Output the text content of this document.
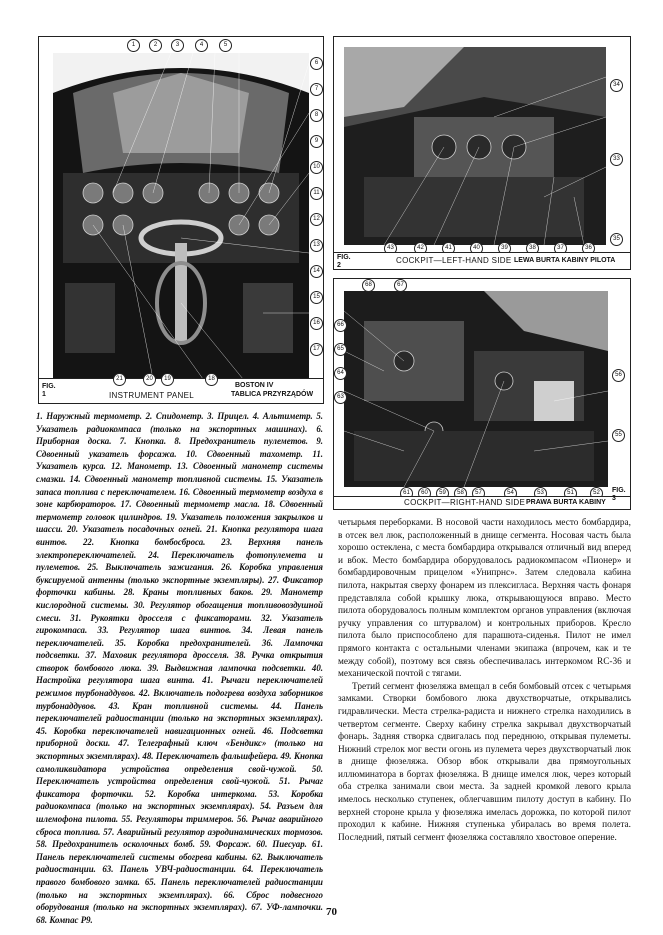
1	2	3	4	5
6
7
8
9
10
11
12
13
14
15
16
17
FIG. 1
21	20	19	18
INSTRUMENT PANEL
BOSTON IV
TABLICA PRZYRZĄDÓW
34
33
35
43	42	41	40	39	38	37	36
FIG. 2
COCKPIT—LEFT-HAND SIDE LEWA BURTA KABINY PILOTA
68	67
66
65
64
63
56
55
61	60	59	58	57	54	53	51	52	FIG. 3
COCKPIT—RIGHT-HAND SIDE PRAWA BURTA KABINY
1. Наружный термометр. 2. Спидометр. 3. Прицел. 4. Альтиметр. 5. Указатель радиокомпаса (только на экспортных машинах). 6. Приборная доска. 7. Кнопка. 8. Предохранитель пулеметов. 9. Сдвоенный указатель форсажа. 10. Сдвоенный тахометр. 11. Указатель курса. 12. Манометр. 13. Сдвоенный манометр системы смазки. 14. Сдвоенный манометр топливной системы. 15. Указатель запаса топлива с переключателем. 16. Сдвоенный термометр воздуха в зоне карбюраторов. 17. Сдвоенный термометр масла. 18. Сдвоенный термометр головок цилиндров. 19. Указатель положения закрылков и шасси. 20. Указатель посадочных огней. 21. Кнопка регулятора шага винтов. 22. Кнопка бомбосброса. 23. Верхняя панель электропереключателей. 24. Переключатель фотопулемета и пулеметов. 25. Выключатель зажигания. 26. Коробка управления буксируемой антенны (только экспортные экземпляры). 27. Фиксатор форточки кабины. 28. Краны топливных баков. 29. Манометр кислородной системы. 30. Регулятор обогащения топливовоздушной смеси. 31. Рукоятки дросселя с фиксаторами. 32. Указатель гирокомпаса. 33. Регулятор шага винтов. 34. Левая панель переключателей. 35. Коробка предохранителей. 36. Лампочка подсветки. 37. Маховик регулятора дросселя. 38. Ручка открытия створок бомбового люка. 39. Выдвижная лампочка подсветки. 40. Настройка регулятора шага винта. 41. Рычаги переключателей режимов турбонаддувов. 42. Включатель подогрева воздуха заборников турбонаддувов. 43. Кран топливной системы. 44. Панель переключателей радиостанции (только на экспортных экземплярах). 45. Коробка переключателей навигационных огней. 46. Подсветка приборной доски. 47. Телеграфный ключ «Бендикс» (только на экспортных экземплярах). 48. Переключатель фальшфейера. 49. Кнопка самоликвидатора устройства определения свой-чужой. 50. Переключатель устройства определения свой-чужой. 51. Рычаг фиксатора форточки. 52. Коробка интеркома. 53. Коробка радиокомпаса (только на экспортных экземплярах). 54. Разъем для шлемофона пилота. 55. Регуляторы триммеров. 56. Рычаг аварийного сброса топлива. 57. Аварийный регулятор аэродинамических тормозов. 58. Предохранитель осколочных бомб. 59. Форсаж. 60. Пиесуар. 61. Панель переключателей системы обогрева кабины. 62. Выключатель радиостанции. 63. Панель УВЧ-радиостанции. 64. Переключатель правого бомбового замка. 65. Панель переключателей радиостанции (только на экспортных экземплярах). 66. Сброс подвесного оборудования (только на экспортных экземплярах). 67. УФ-лампочки. 68. Компас Р9.

четырьмя переборками. В носовой части находилось место бомбардира, в отсек вел люк, расположенный в днище сегмента. Носовая часть была хорошо остеклена, с места бомбардира открывался отличный вид вперед и вбок. Место бомбардира оборудовалось радиокомпасом «Пионер» и бомбардировочным прицелом «Унипрнс». Затем следовала кабина пилота, накрытая сверху фонарем из плексигласа. Верхняя часть фонаря представляла собой крышку люка, открывающуюся вправо. Место пилота оборудовалось полным комплектом органов управления (включая ручку управления со штурвалом) и контрольных приборов. Кресло пилота было приспособлено для парашюта-сиденья. Пилот не имел прямого контакта с остальными членами экипажа (впрочем, как и те между собой), поэтому вся связь обеспечивалась интеркомом RC-36 и механической почтой с тягами.

Третий сегмент фюзеляжа вмещал в себя бомбовый отсек с четырьмя замками. Створки бомбового люка двухстворчатые, открывались гидравлически. Места стрелка-радиста и нижнего стрелка находились в четвертом сегменте. Сверху кабину стрелка закрывал двухстворчатый фонарь. Задняя створка сдвигалась под переднюю, открывая пулеметы. Нижний стрелок мог вести огонь из пулемета через двухстворчатый люк в днище фюзеляжа. Обзор вбок открывали два прямоугольных иллюминатора в бортах фюзеляжа. В днище имелся люк, через который оба стрелка занимали свои места. За задней кромкой левого крыла имелось несколько ступенек, облегчавшим пилоту доступ в кабину. По верхней стороне крыла у фюзеляжа имелась дорожка, по которой пилот проходил к кабине. Нижняя ступенька убиралась во время полета. Последний, пятый сегмент фюзеляжа составляло хвостовое оперение.

70
